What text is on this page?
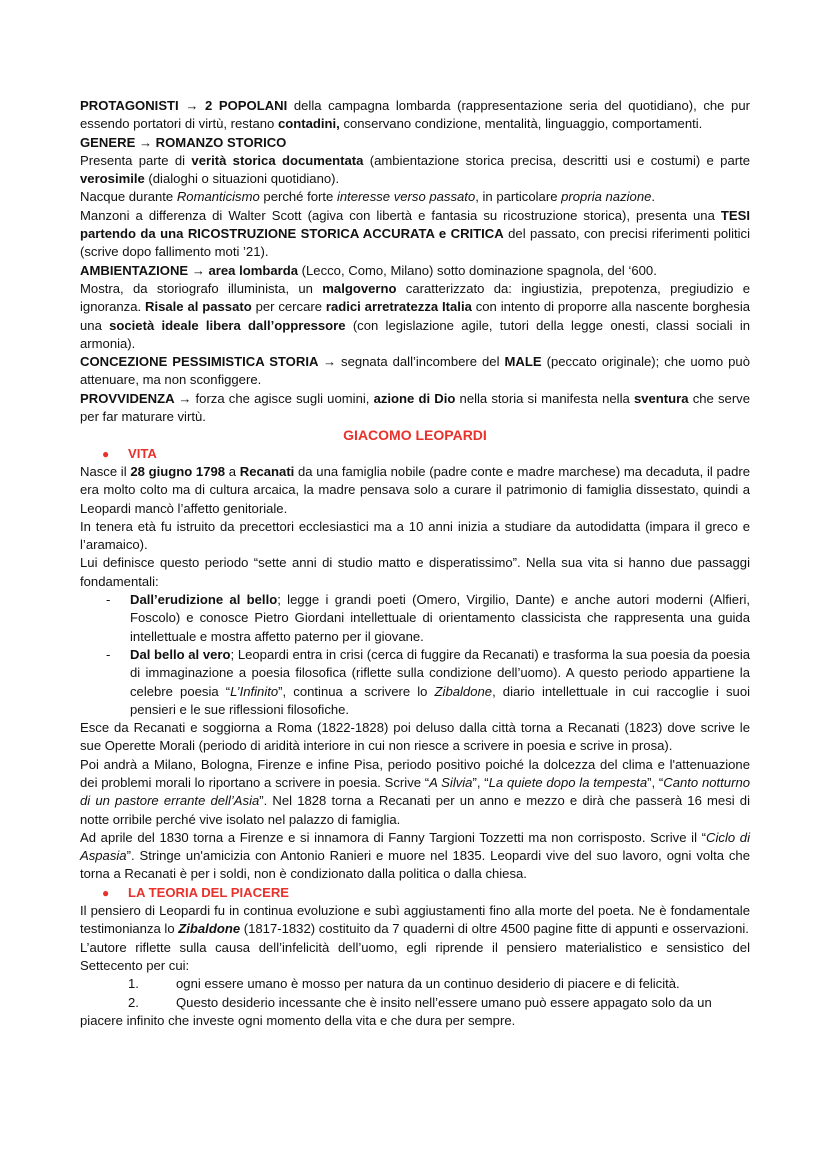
PROTAGONISTI → 2 POPOLANI della campagna lombarda (rappresentazione seria del quotidiano), che pur essendo portatori di virtù, restano contadini, conservano condizione, mentalità, linguaggio, comportamenti.

GENERE → ROMANZO STORICO

Presenta parte di verità storica documentata (ambientazione storica precisa, descritti usi e costumi) e parte verosimile (dialoghi o situazioni quotidiano).

Nacque durante Romanticismo perché forte interesse verso passato, in particolare propria nazione.

Manzoni a differenza di Walter Scott (agiva con libertà e fantasia su ricostruzione storica), presenta una TESI partendo da una RICOSTRUZIONE STORICA ACCURATA e CRITICA del passato, con precisi riferimenti politici (scrive dopo fallimento moti ’21).

AMBIENTAZIONE → area lombarda (Lecco, Como, Milano) sotto dominazione spagnola, del ‘600.

Mostra, da storiografo illuminista, un malgoverno caratterizzato da: ingiustizia, prepotenza, pregiudizio e ignoranza. Risale al passato per cercare radici arretratezza Italia con intento di proporre alla nascente borghesia una società ideale libera dall’oppressore (con legislazione agile, tutori della legge onesti, classi sociali in armonia).

CONCEZIONE PESSIMISTICA STORIA → segnata dall’incombere del MALE (peccato originale); che uomo può attenuare, ma non sconfiggere.

PROVVIDENZA → forza che agisce sugli uomini, azione di Dio nella storia si manifesta nella sventura che serve per far maturare virtù.

GIACOMO LEOPARDI

●	VITA

Nasce il 28 giugno 1798 a Recanati da una famiglia nobile (padre conte e madre marchese) ma decaduta, il padre era molto colto ma di cultura arcaica, la madre pensava solo a curare il patrimonio di famiglia dissestato, quindi a Leopardi mancò l’affetto genitoriale.

In tenera età fu istruito da precettori ecclesiastici ma a 10 anni inizia a studiare da autodidatta (impara il greco e l’aramaico).

Lui definisce questo periodo “sette anni di studio matto e disperatissimo”. Nella sua vita si hanno due passaggi fondamentali:

-	Dall’erudizione al bello; legge i grandi poeti (Omero, Virgilio, Dante) e anche autori moderni (Alfieri, Foscolo) e conosce Pietro Giordani intellettuale di orientamento classicista che rappresenta una guida intellettuale e mostra affetto paterno per il giovane.

-	Dal bello al vero; Leopardi entra in crisi (cerca di fuggire da Recanati) e trasforma la sua poesia da poesia di immaginazione a poesia filosofica (riflette sulla condizione dell’uomo). A questo periodo appartiene la celebre poesia “L’Infinito”, continua a scrivere lo Zibaldone, diario intellettuale in cui raccoglie i suoi pensieri e le sue riflessioni filosofiche.

Esce da Recanati e soggiorna a Roma (1822-1828) poi deluso dalla città torna a Recanati (1823) dove scrive le sue Operette Morali (periodo di aridità interiore in cui non riesce a scrivere in poesia e scrive in prosa).

Poi andrà a Milano, Bologna, Firenze e infine Pisa, periodo positivo poiché la dolcezza del clima e l'attenuazione dei problemi morali lo riportano a scrivere in poesia. Scrive “A Silvia”, “La quiete dopo la tempesta”, “Canto notturno di un pastore errante dell’Asia”. Nel 1828 torna a Recanati per un anno e mezzo e dirà che passerà 16 mesi di notte orribile perché vive isolato nel palazzo di famiglia.

Ad aprile del 1830 torna a Firenze e si innamora di Fanny Targioni Tozzetti ma non corrisposto. Scrive il “Ciclo di Aspasia”. Stringe un'amicizia con Antonio Ranieri e muore nel 1835. Leopardi vive del suo lavoro, ogni volta che torna a Recanati è per i soldi, non è condizionato dalla politica o dalla chiesa.

●	LA TEORIA DEL PIACERE

Il pensiero di Leopardi fu in continua evoluzione e subì aggiustamenti fino alla morte del poeta. Ne è fondamentale testimonianza lo Zibaldone (1817-1832) costituito da 7 quaderni di oltre 4500 pagine fitte di appunti e osservazioni.

L’autore riflette sulla causa dell’infelicità dell’uomo, egli riprende il pensiero materialistico e sensistico del Settecento per cui:

1.	ogni essere umano è mosso per natura da un continuo desiderio di piacere e di felicità.
2.	Questo desiderio incessante che è insito nell’essere umano può essere appagato solo da un

piacere infinito che investe ogni momento della vita e che dura per sempre.
